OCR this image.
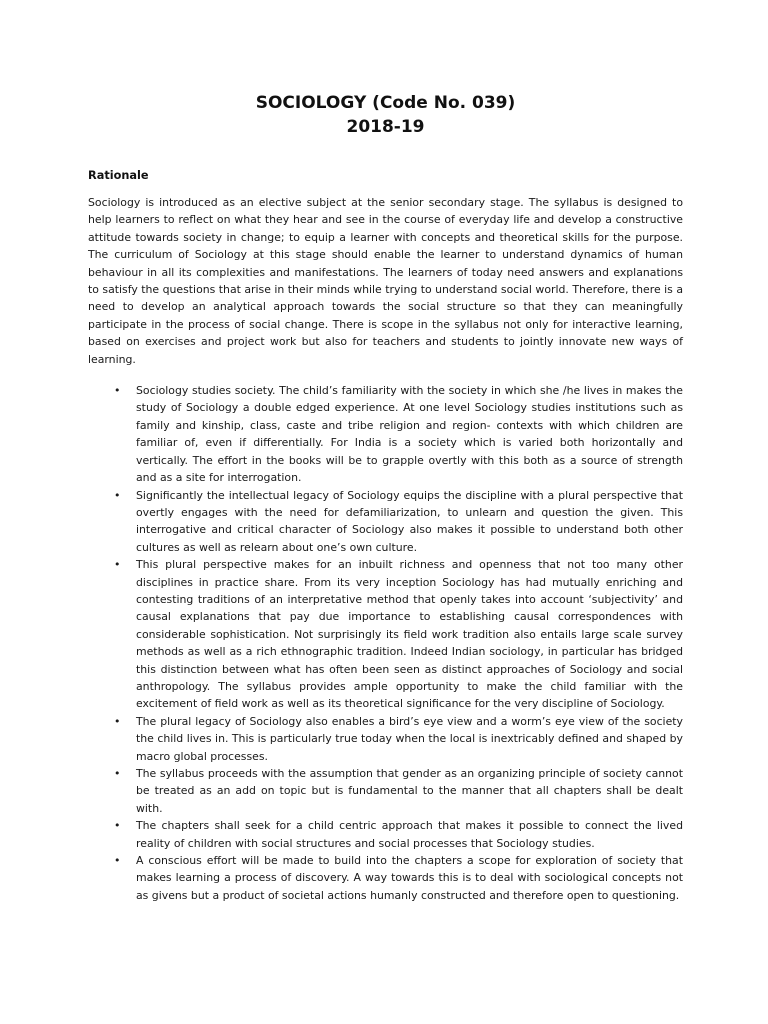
SOCIOLOGY (Code No. 039)
2018-19
Rationale

Sociology is introduced as an elective subject at the senior secondary stage. The syllabus is designed to help learners to reflect on what they hear and see in the course of everyday life and develop a constructive attitude towards society in change; to equip a learner with concepts and theoretical skills for the purpose. The curriculum of Sociology at this stage should enable the learner to understand dynamics of human behaviour in all its complexities and manifestations. The learners of today need answers and explanations to satisfy the questions that arise in their minds while trying to understand social world. Therefore, there is a need to develop an analytical approach towards the social structure so that they can meaningfully participate in the process of social change. There is scope in the syllabus not only for interactive learning, based on exercises and project work but also for teachers and students to jointly innovate new ways of learning.

•	Sociology studies society. The child’s familiarity with the society in which she /he lives in makes the study of Sociology a double edged experience. At one level Sociology studies institutions such as family and kinship, class, caste and tribe religion and region- contexts with which children are familiar of, even if differentially. For India is a society which is varied both horizontally and vertically. The effort in the books will be to grapple overtly with this both as a source of strength and as a site for interrogation.
•	Significantly the intellectual legacy of Sociology equips the discipline with a plural perspective that overtly engages with the need for defamiliarization, to unlearn and question the given. This interrogative and critical character of Sociology also makes it possible to understand both other cultures as well as relearn about one’s own culture.
•	This plural perspective makes for an inbuilt richness and openness that not too many other disciplines in practice share. From its very inception Sociology has had mutually enriching and contesting traditions of an interpretative method that openly takes into account ‘subjectivity’ and causal explanations that pay due importance to establishing causal correspondences with considerable sophistication. Not surprisingly its field work tradition also entails large scale survey methods as well as a rich ethnographic tradition. Indeed Indian sociology, in particular has bridged this distinction between what has often been seen as distinct approaches of Sociology and social anthropology. The syllabus provides ample opportunity to make the child familiar with the excitement of field work as well as its theoretical significance for the very discipline of Sociology.
•	The plural legacy of Sociology also enables a bird’s eye view and a worm’s eye view of the society the child lives in. This is particularly true today when the local is inextricably defined and shaped by macro global processes.
•	The syllabus proceeds with the assumption that gender as an organizing principle of society cannot be treated as an add on topic but is fundamental to the manner that all chapters shall be dealt with.
•	The chapters shall seek for a child centric approach that makes it possible to connect the lived reality of children with social structures and social processes that Sociology studies.
•	A conscious effort will be made to build into the chapters a scope for exploration of society that makes learning a process of discovery. A way towards this is to deal with sociological concepts not as givens but a product of societal actions humanly constructed and therefore open to questioning.
